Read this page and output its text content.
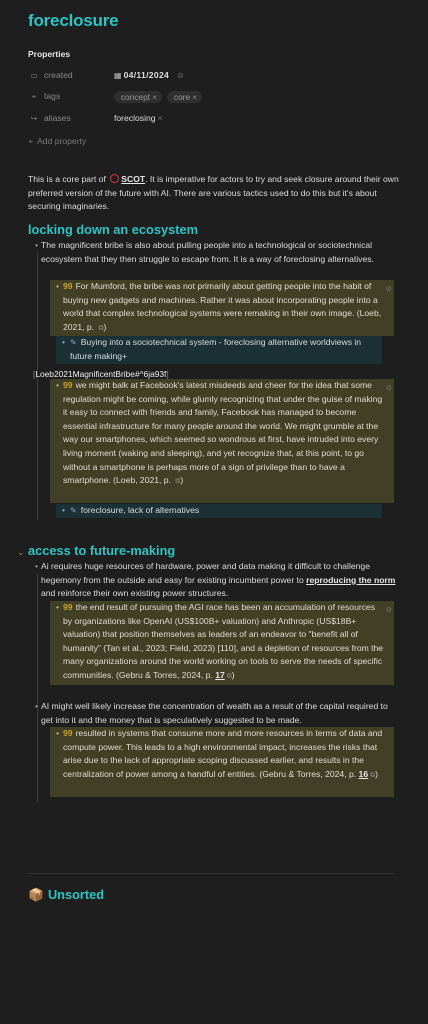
foreclosure
Properties
▭ created	▦ 04/11/2024 ⊘
⌖ tags	concept ×	core ×
↪ aliases	foreclosing ×
+ Add property
This is a core part of SCOT. It is imperative for actors to try and seek closure around their own preferred version of the future with AI. There are various tactics used to do this but it's about securing imaginaries.
locking down an ecosystem
• The magnificent bribe is also about pulling people into a technological or sociotechnical ecosystem that they then struggle to escape from. It is a way of foreclosing alternatives.
• 99 For Mumford, the bribe was not primarily about getting people into the habit of buying new gadgets and machines. Rather it was about incorporating people into a world that complex technological systems were remaking in their own image. (Loeb, 2021, p. ⧉)
⊘
• ✎ Buying into a sociotechnical system - foreclosing alternative worldviews in future making+
[Loeb2021MagnificentBribe#^6ja93f]
• 99 we might balk at Facebook's latest misdeeds and cheer for the idea that some regulation might be coming, while glumly recognizing that under the guise of making it easy to connect with friends and family, Facebook has managed to become essential infrastructure for many people around the world. We might grumble at the way our smartphones, which seemed so wondrous at first, have intruded into every living moment (waking and sleeping), and yet recognize that, at this point, to go without a smartphone is perhaps more of a sign of privilege than to have a smartphone. (Loeb, 2021, p. ⧉)
⊘
• ✎ foreclosure, lack of alternatives
⌄ access to future-making
• Ai requires huge resources of hardware, power and data making it difficult to challenge hegemony from the outside and easy for existing incumbent power to reproducing the norm and reinforce their own existing power structures.
• 99 the end result of pursuing the AGI race has been an accumulation of resources by organizations like OpenAI (US$100B+ valuation) and Anthropic (US$18B+ valuation) that position themselves as leaders of an endeavor to "benefit all of humanity" (Tan et al., 2023; Field, 2023) [110], and a depletion of resources from the many organizations around the world working on tools to serve the needs of specific communities. (Gebru & Torres, 2024, p. 17 ⧉)
⊘
• AI might well likely increase the concentration of wealth as a result of the capital required to get into it and the money that is speculatively suggested to be made.
• 99 resulted in systems that consume more and more resources in terms of data and compute power. This leads to a high environmental impact, increases the risks that arise due to the lack of appropriate scoping discussed earlier, and results in the centralization of power among a handful of entities. (Gebru & Torres, 2024, p. 16 ⧉)
📦 Unsorted
